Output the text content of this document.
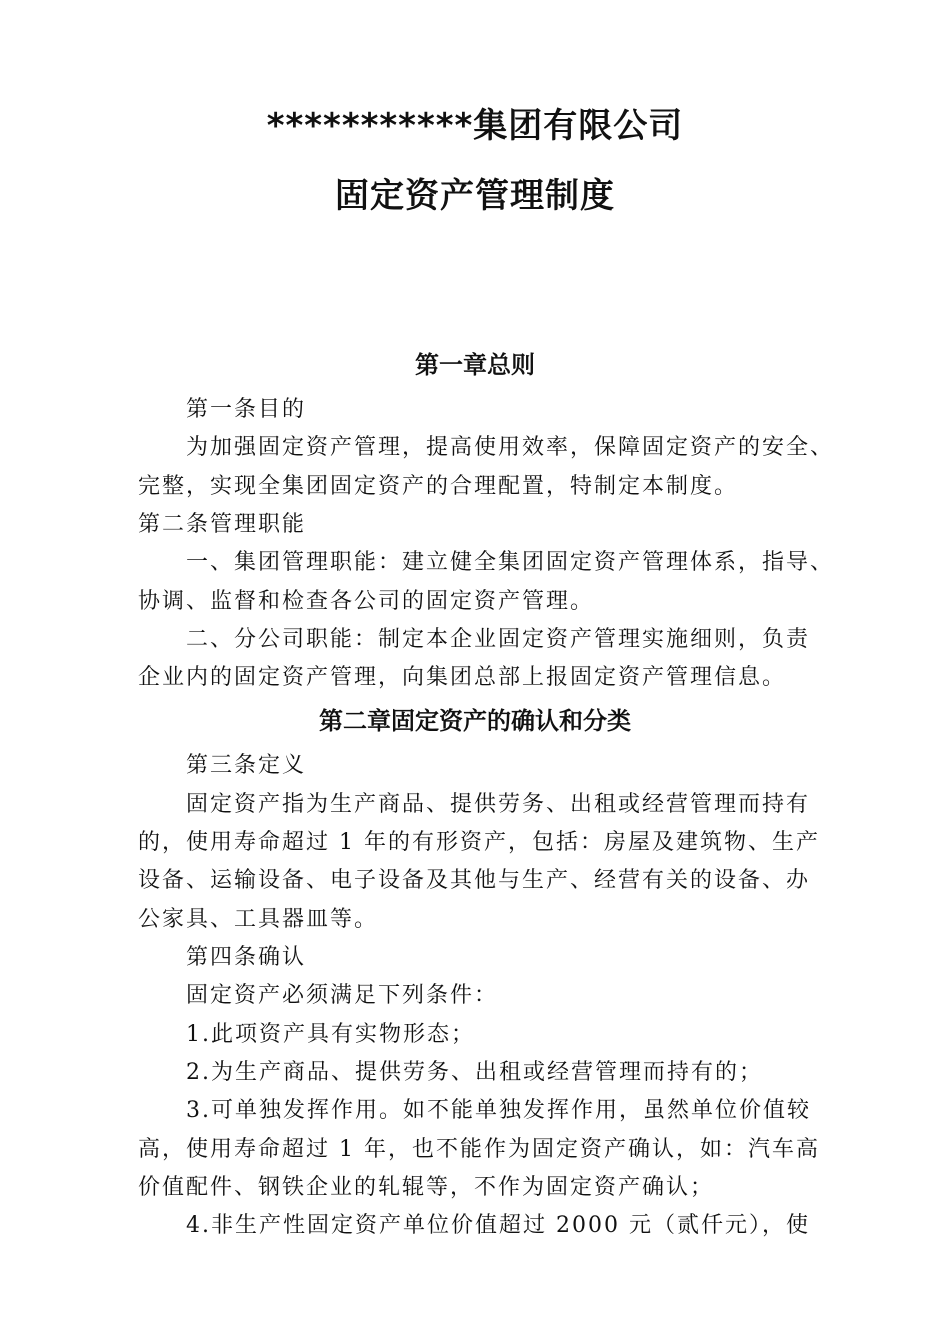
***********集团有限公司
固定资产管理制度
第一章总则
第一条目的
为加强固定资产管理，提高使用效率，保障固定资产的安全、
完整，实现全集团固定资产的合理配置，特制定本制度。
第二条管理职能
一、集团管理职能：建立健全集团固定资产管理体系，指导、
协调、监督和检查各公司的固定资产管理。
二、分公司职能：制定本企业固定资产管理实施细则，负责
企业内的固定资产管理，向集团总部上报固定资产管理信息。
第二章固定资产的确认和分类
第三条定义
固定资产指为生产商品、提供劳务、出租或经营管理而持有
的，使用寿命超过 1 年的有形资产，包括：房屋及建筑物、生产
设备、运输设备、电子设备及其他与生产、经营有关的设备、办
公家具、工具器皿等。
第四条确认
固定资产必须满足下列条件：
1.此项资产具有实物形态；
2.为生产商品、提供劳务、出租或经营管理而持有的；
3.可单独发挥作用。如不能单独发挥作用，虽然单位价值较
高，使用寿命超过 1 年，也不能作为固定资产确认，如：汽车高
价值配件、钢铁企业的轧辊等，不作为固定资产确认；
4.非生产性固定资产单位价值超过 2000 元（贰仟元），使
